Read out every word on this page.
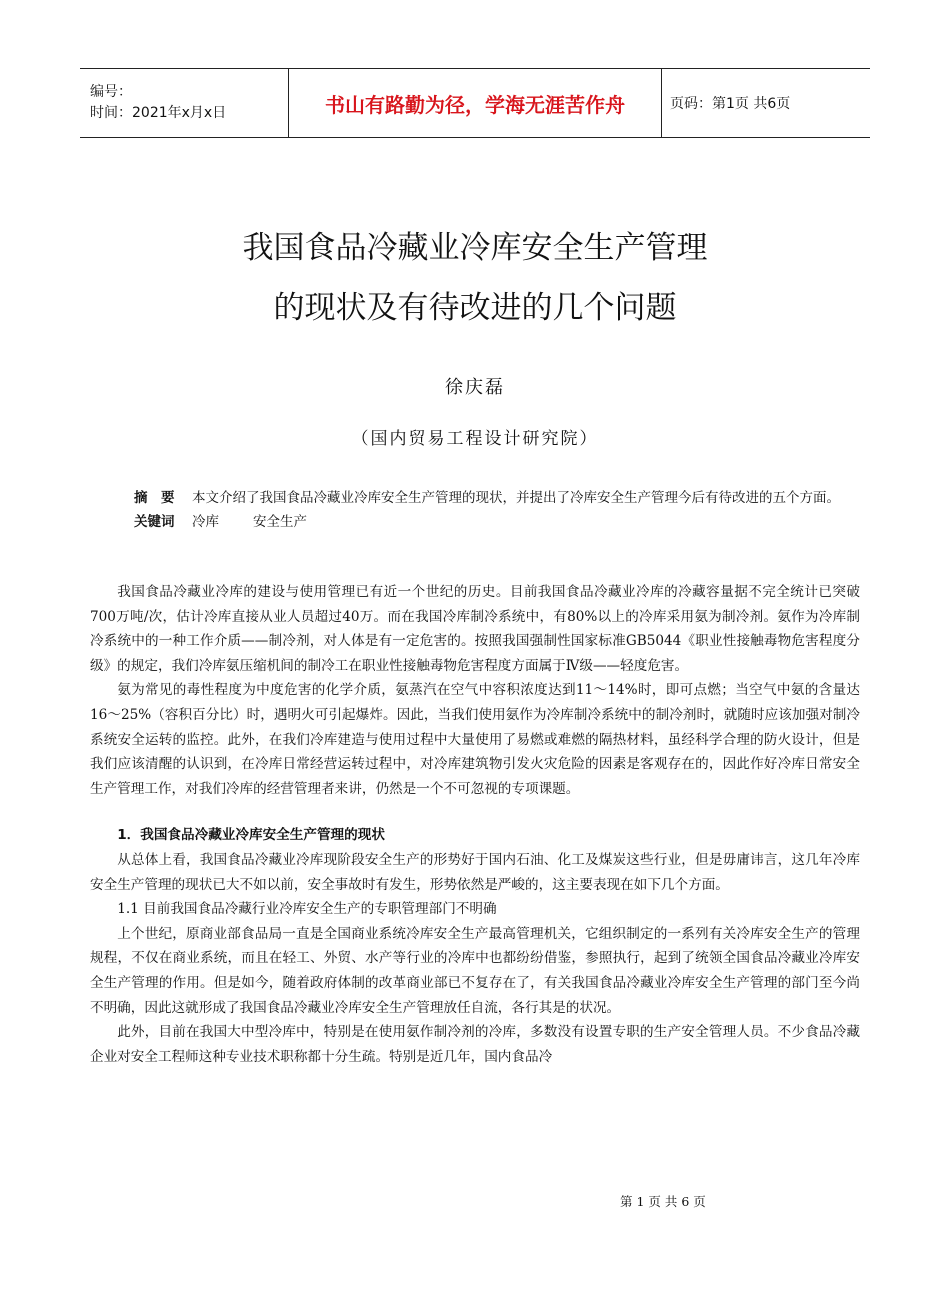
编号：
时间：2021年x月x日	书山有路勤为径，学海无涯苦作舟	页码：第1页 共6页
我国食品冷藏业冷库安全生产管理
的现状及有待改进的几个问题
徐庆磊
（国内贸易工程设计研究院）
摘　要	本文介绍了我国食品冷藏业冷库安全生产管理的现状，并提出了冷库安全生产管理今后有待改进的五个方面。
关键词	冷库	安全生产

我国食品冷藏业冷库的建设与使用管理已有近一个世纪的历史。目前我国食品冷藏业冷库的冷藏容量据不完全统计已突破700万吨/次，估计冷库直接从业人员超过40万。而在我国冷库制冷系统中，有80%以上的冷库采用氨为制冷剂。氨作为冷库制冷系统中的一种工作介质——制冷剂，对人体是有一定危害的。按照我国强制性国家标准GB5044《职业性接触毒物危害程度分级》的规定，我们冷库氨压缩机间的制冷工在职业性接触毒物危害程度方面属于Ⅳ级——轻度危害。

氨为常见的毒性程度为中度危害的化学介质，氨蒸汽在空气中容积浓度达到11～14%时，即可点燃；当空气中氨的含量达16～25%（容积百分比）时，遇明火可引起爆炸。因此，当我们使用氨作为冷库制冷系统中的制冷剂时，就随时应该加强对制冷系统安全运转的监控。此外，在我们冷库建造与使用过程中大量使用了易燃或难燃的隔热材料，虽经科学合理的防火设计，但是我们应该清醒的认识到，在冷库日常经营运转过程中，对冷库建筑物引发火灾危险的因素是客观存在的，因此作好冷库日常安全生产管理工作，对我们冷库的经营管理者来讲，仍然是一个不可忽视的专项课题。

1．我国食品冷藏业冷库安全生产管理的现状

从总体上看，我国食品冷藏业冷库现阶段安全生产的形势好于国内石油、化工及煤炭这些行业，但是毋庸讳言，这几年冷库安全生产管理的现状已大不如以前，安全事故时有发生，形势依然是严峻的，这主要表现在如下几个方面。

1.1 目前我国食品冷藏行业冷库安全生产的专职管理部门不明确

上个世纪，原商业部食品局一直是全国商业系统冷库安全生产最高管理机关，它组织制定的一系列有关冷库安全生产的管理规程，不仅在商业系统，而且在轻工、外贸、水产等行业的冷库中也都纷纷借鉴，参照执行，起到了统领全国食品冷藏业冷库安全生产管理的作用。但是如今，随着政府体制的改革商业部已不复存在了，有关我国食品冷藏业冷库安全生产管理的部门至今尚不明确，因此这就形成了我国食品冷藏业冷库安全生产管理放任自流，各行其是的状况。

此外，目前在我国大中型冷库中，特别是在使用氨作制冷剂的冷库，多数没有设置专职的生产安全管理人员。不少食品冷藏企业对安全工程师这种专业技术职称都十分生疏。特别是近几年，国内食品冷

第 1 页 共 6 页
